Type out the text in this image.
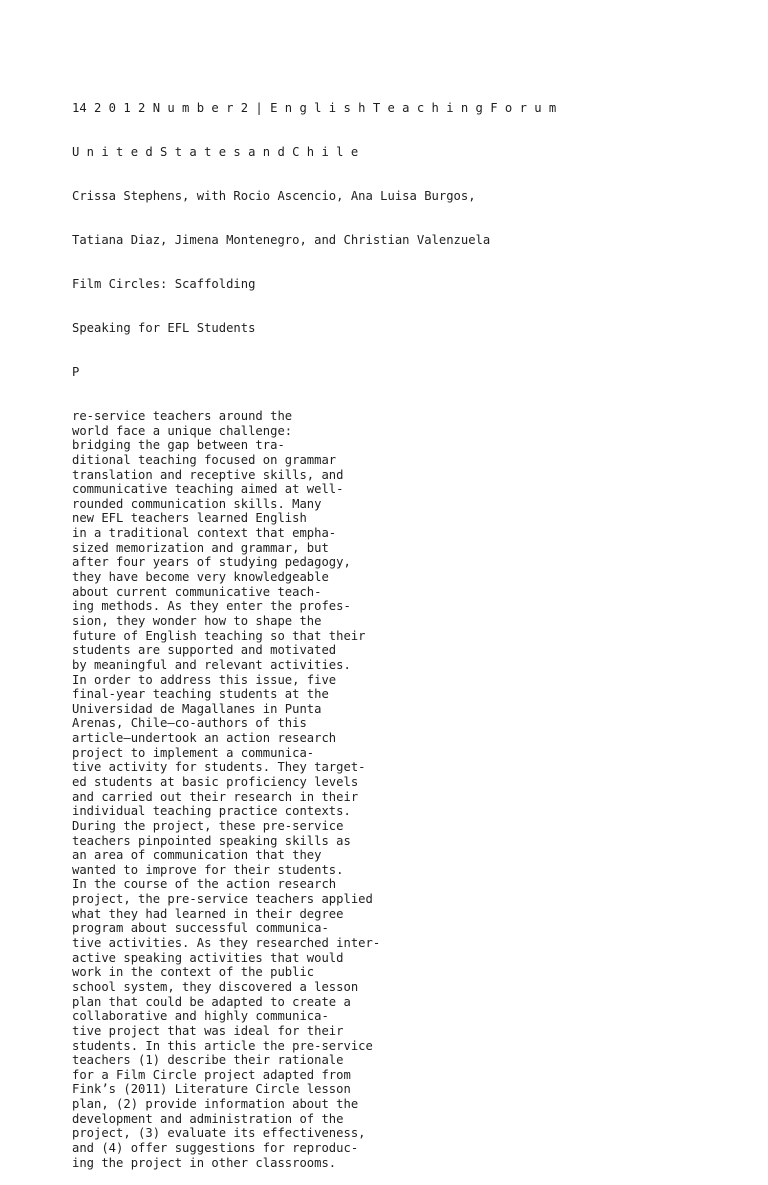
14 2 0 1 2 N u m b e r 2 | E n g l i s h T e a c h i n g F o r u m

U n i t e d S t a t e s a n d C h i l e

Crissa Stephens, with Rocio Ascencio, Ana Luisa Burgos,

Tatiana Diaz, Jimena Montenegro, and Christian Valenzuela

Film Circles: Scaffolding

Speaking for EFL Students

P

re-service teachers around the
world face a unique challenge:
bridging the gap between tra-
ditional teaching focused on grammar
translation and receptive skills, and
communicative teaching aimed at well-
rounded communication skills. Many
new EFL teachers learned English
in a traditional context that empha-
sized memorization and grammar, but
after four years of studying pedagogy,
they have become very knowledgeable
about current communicative teach-
ing methods. As they enter the profes-
sion, they wonder how to shape the
future of English teaching so that their
students are supported and motivated
by meaningful and relevant activities.
In order to address this issue, five
final-year teaching students at the
Universidad de Magallanes in Punta
Arenas, Chile—co-authors of this
article—undertook an action research
project to implement a communica-
tive activity for students. They target-
ed students at basic proficiency levels
and carried out their research in their
individual teaching practice contexts.
During the project, these pre-service
teachers pinpointed speaking skills as
an area of communication that they
wanted to improve for their students.
In the course of the action research
project, the pre-service teachers applied
what they had learned in their degree
program about successful communica-
tive activities. As they researched inter-
active speaking activities that would
work in the context of the public
school system, they discovered a lesson
plan that could be adapted to create a
collaborative and highly communica-
tive project that was ideal for their
students. In this article the pre-service
teachers (1) describe their rationale
for a Film Circle project adapted from
Fink’s (2011) Literature Circle lesson
plan, (2) provide information about the
development and administration of the
project, (3) evaluate its effectiveness,
and (4) offer suggestions for reproduc-
ing the project in other classrooms.
